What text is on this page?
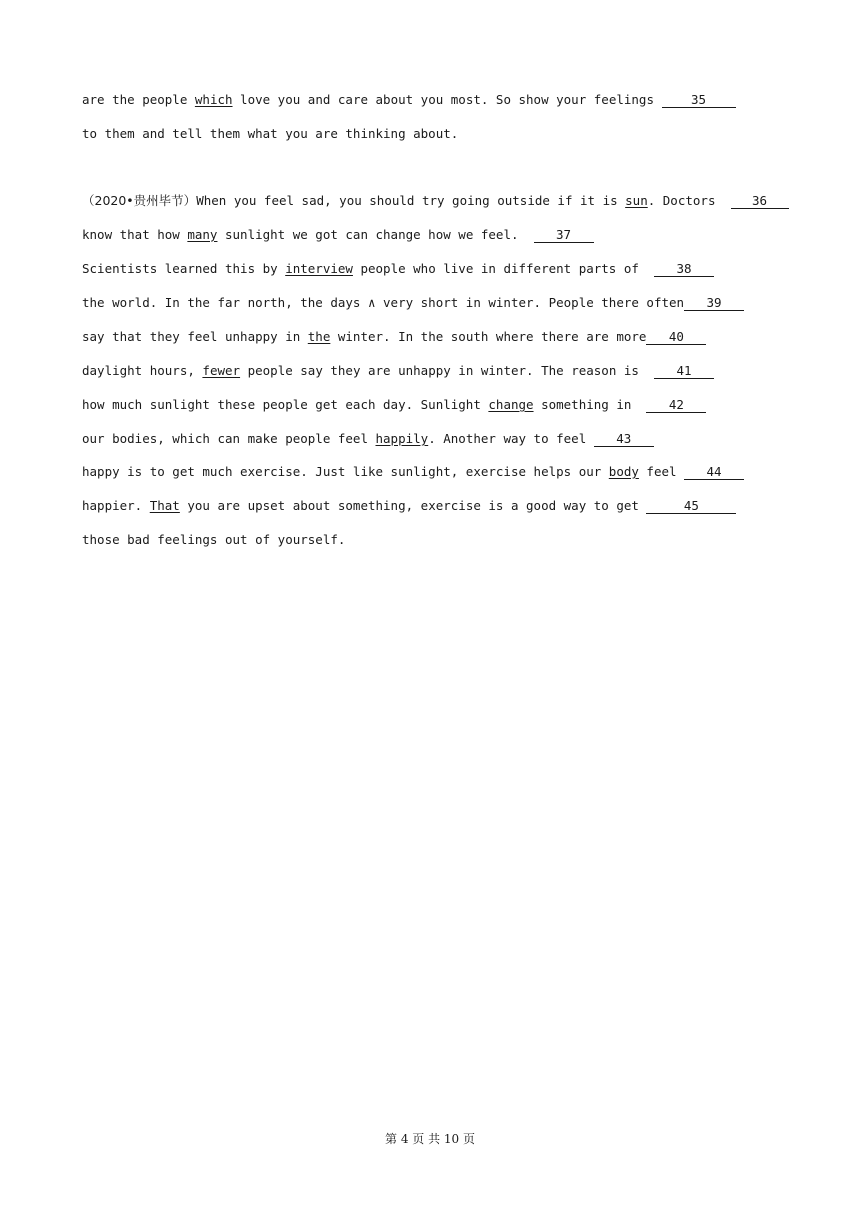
are the people which love you and care about you most. So show your feelings 35
to them and tell them what you are thinking about.
（2020•贵州毕节）When you feel sad, you should try going outside if it is sun. Doctors  36
know that how many sunlight we got can change how we feel.  37
Scientists learned this by interview people who live in different parts of  38
the world. In the far north, the days ∧ very short in winter. People there often 39
say that they feel unhappy in the winter. In the south where there are more 40
daylight hours, fewer people say they are unhappy in winter. The reason is  41
how much sunlight these people get each day. Sunlight change something in  42
our bodies, which can make people feel happily. Another way to feel 43
happy is to get much exercise. Just like sunlight, exercise helps our body feel 44
happier. That you are upset about something, exercise is a good way to get	45
those bad feelings out of yourself.
第 4 页 共 10 页
